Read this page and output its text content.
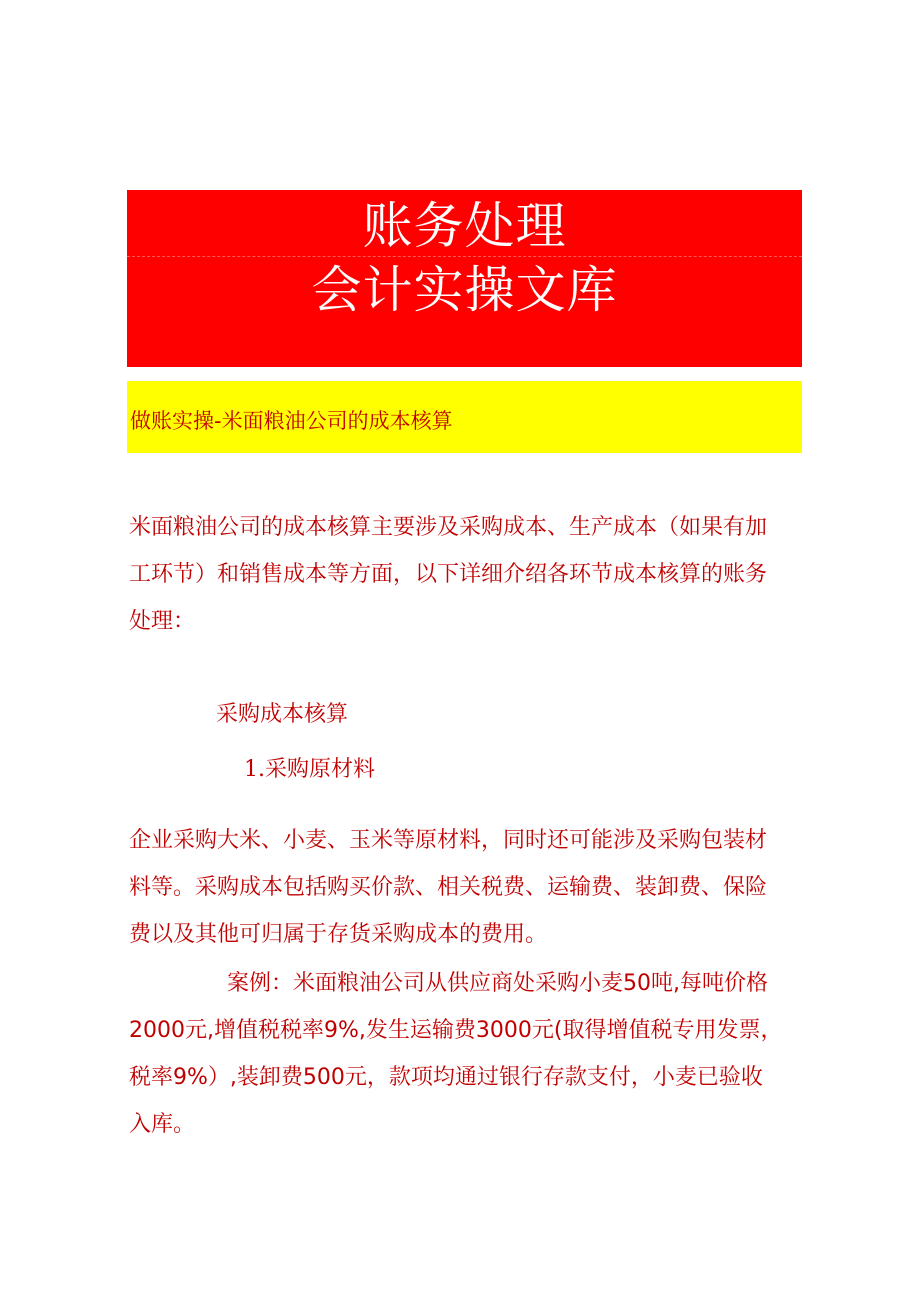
账务处理
会计实操文库
做账实操-米面粮油公司的成本核算
米面粮油公司的成本核算主要涉及采购成本、生产成本（如果有加
工环节）和销售成本等方面，以下详细介绍各环节成本核算的账务
处理：
采购成本核算
1.采购原材料
企业采购大米、小麦、玉米等原材料，同时还可能涉及采购包装材
料等。采购成本包括购买价款、相关税费、运输费、装卸费、保险
费以及其他可归属于存货采购成本的费用。
案例：米面粮油公司从供应商处采购小麦50吨,每吨价格
2000元,增值税税率9%,发生运输费3000元(取得增值税专用发票，
税率9%）,装卸费500元，款项均通过银行存款支付，小麦已验收
入库。
